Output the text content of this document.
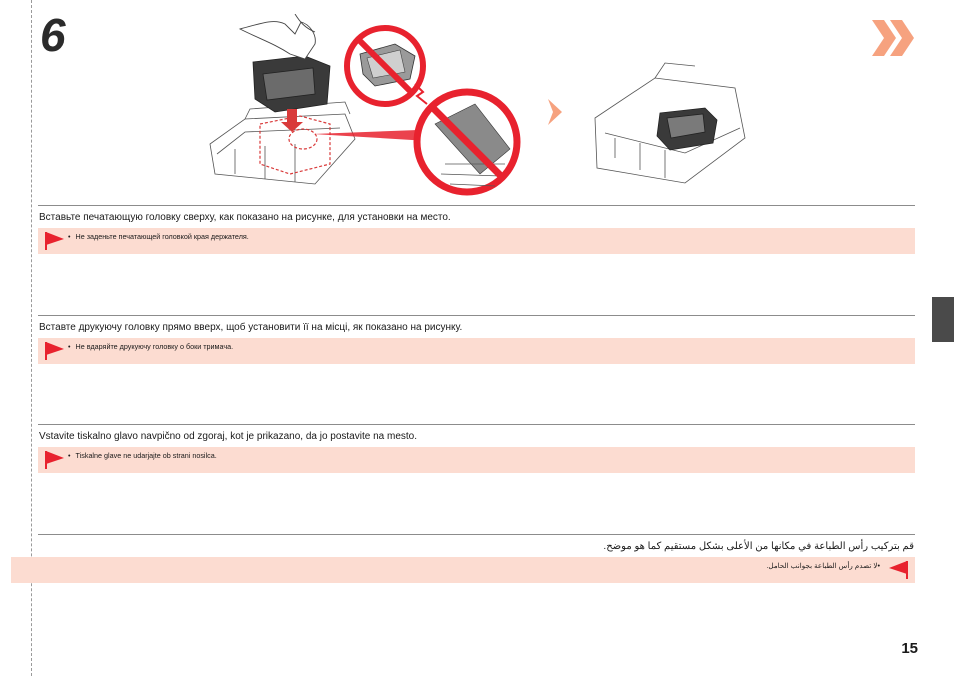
6

Вставьте печатающую головку сверху, как показано на рисунке, для установки на место.

• Не заденьте печатающей головкой края держателя.

Вставте друкуючу головку прямо вверх, щоб установити її на місці, як показано на рисунку.

• Не вдаряйте друкуючу головку о боки тримача.

Vstavite tiskalno glavo navpično od zgoraj, kot je prikazano, da jo postavite na mesto.

• Tiskalne glave ne udarjajte ob strani nosilca.

قم بتركيب رأس الطباعة في مكانها من الأعلى بشكل مستقيم كما هو موضح.

•لا تصدم رأس الطباعة بجوانب الحامل.
15
